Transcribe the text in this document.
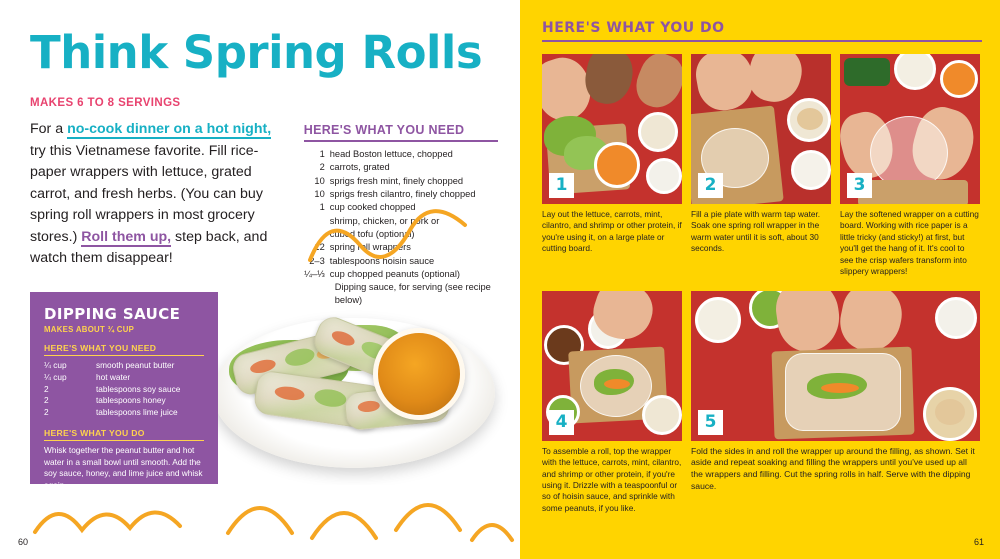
Think Spring Rolls
MAKES 6 TO 8 SERVINGS

For a no-cook dinner on a hot night, try this Vietnamese favorite. Fill rice-paper wrappers with lettuce, grated carrot, and fresh herbs. (You can buy spring roll wrappers in most grocery stores.) Roll them up, step back, and watch them disappear!

HERE'S WHAT YOU NEED
1 head Boston lettuce, chopped
2 carrots, grated
10 sprigs fresh mint, finely chopped
10 sprigs fresh cilantro, finely chopped
1 cup cooked chopped
shrimp, chicken, or pork or
cubed tofu (optional)
12 spring roll wrappers
2–3 tablespoons hoisin sauce
¼–⅓ cup chopped peanuts (optional)
Dipping sauce, for serving (see recipe below)
DIPPING SAUCE
MAKES ABOUT ¾ CUP
HERE'S WHAT YOU NEED
¼ cup	smooth peanut butter
¼ cup	hot water
2	tablespoons soy sauce
2	tablespoons honey
2	tablespoons lime juice
HERE'S WHAT YOU DO
Whisk together the peanut butter and hot water in a small bowl until smooth. Add the soy sauce, honey, and lime juice and whisk again.
60
HERE'S WHAT YOU DO
1
Lay out the lettuce, carrots, mint, cilantro, and shrimp or other protein, if you're using it, on a large plate or cutting board.
2
Fill a pie plate with warm tap water. Soak one spring roll wrapper in the warm water until it is soft, about 30 seconds.
3
Lay the softened wrapper on a cutting board. Working with rice paper is a little tricky (and sticky!) at first, but you'll get the hang of it. It's cool to see the crisp wafers transform into slippery wrappers!
4
To assemble a roll, top the wrapper with the lettuce, carrots, mint, cilantro, and shrimp or other protein, if you're using it. Drizzle with a teaspoonful or so of hoisin sauce, and sprinkle with some peanuts, if you like.
5
Fold the sides in and roll the wrapper up around the filling, as shown. Set it aside and repeat soaking and filling the wrappers until you've used up all the wrappers and filling. Cut the spring rolls in half. Serve with the dipping sauce.
61
